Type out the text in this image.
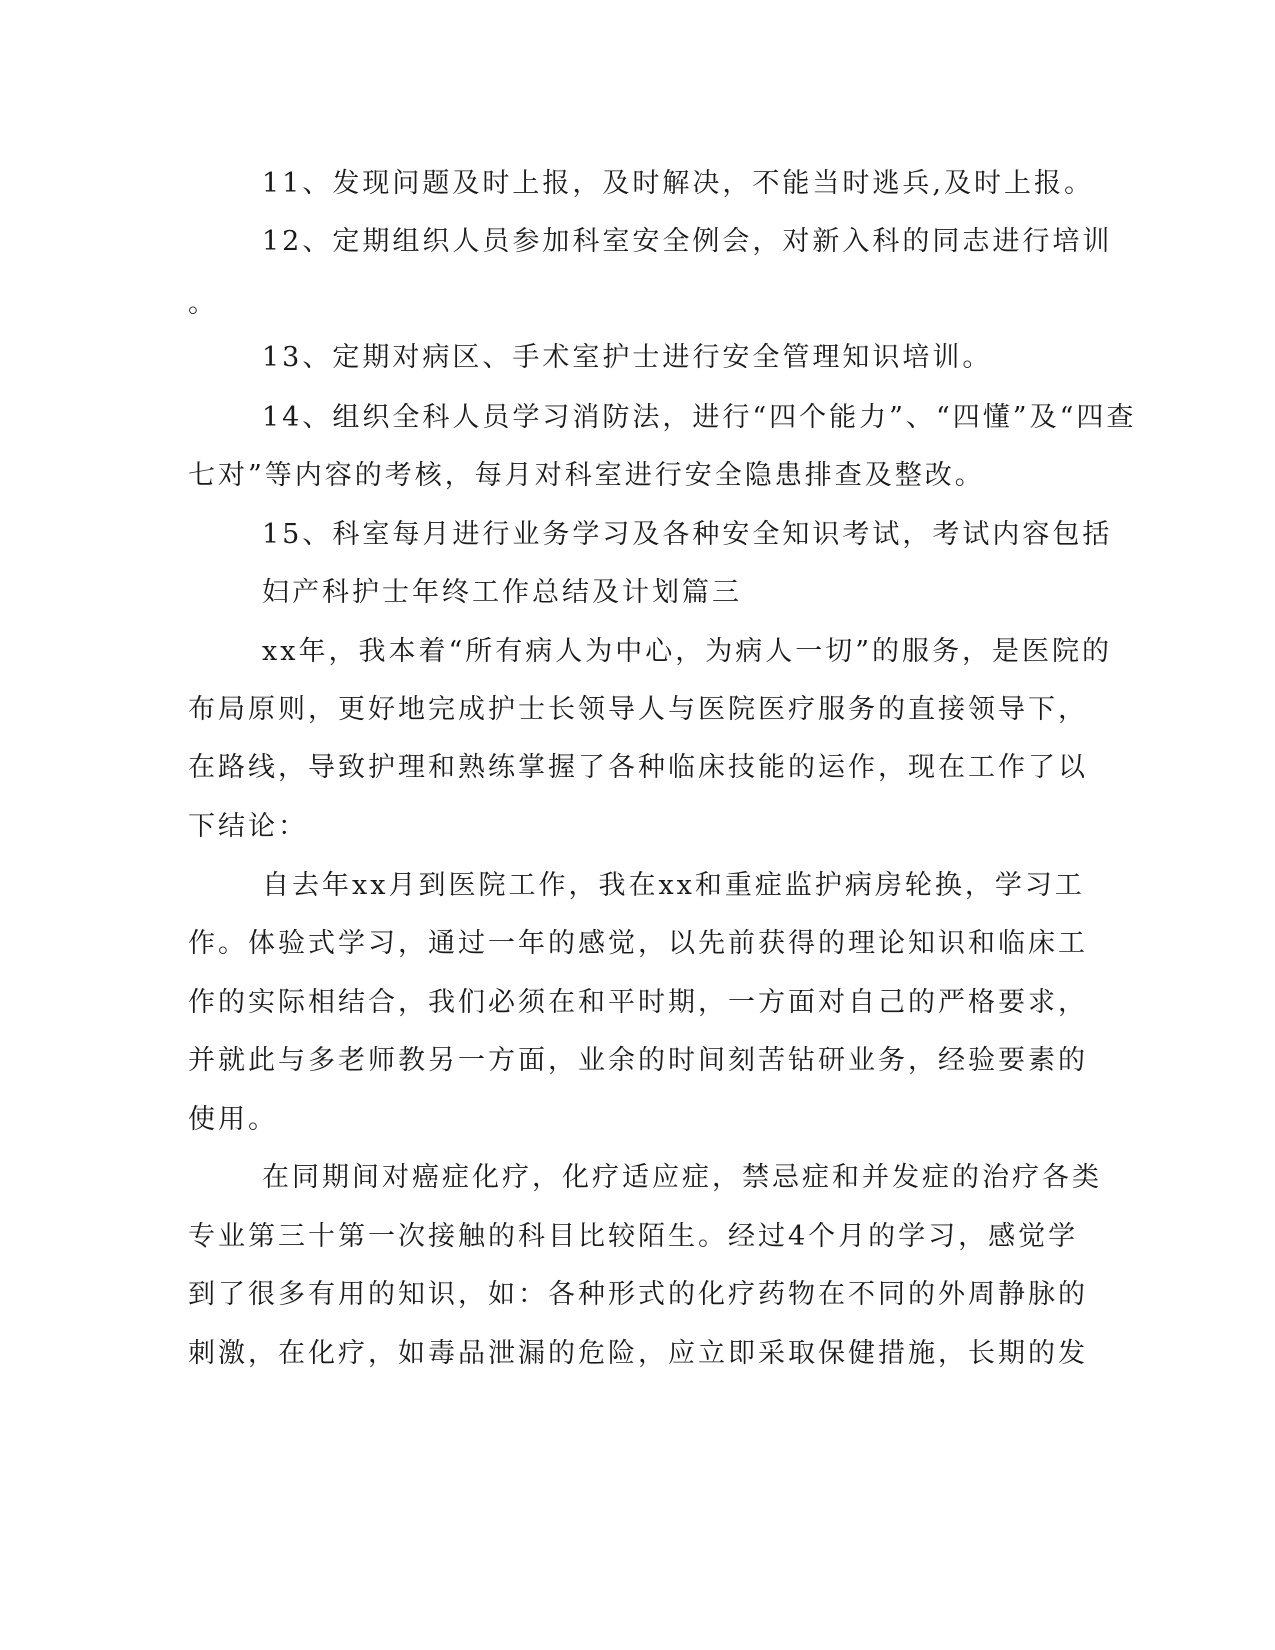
11、发现问题及时上报，及时解决，不能当时逃兵,及时上报。
12、定期组织人员参加科室安全例会，对新入科的同志进行培训
。
13、定期对病区、手术室护士进行安全管理知识培训。
14、组织全科人员学习消防法，进行“四个能力”、“四懂”及“四查
七对”等内容的考核，每月对科室进行安全隐患排查及整改。
15、科室每月进行业务学习及各种安全知识考试，考试内容包括
妇产科护士年终工作总结及计划篇三
xx年，我本着“所有病人为中心，为病人一切”的服务，是医院的
布局原则，更好地完成护士长领导人与医院医疗服务的直接领导下，
在路线，导致护理和熟练掌握了各种临床技能的运作，现在工作了以
下结论：
自去年xx月到医院工作，我在xx和重症监护病房轮换，学习工
作。体验式学习，通过一年的感觉，以先前获得的理论知识和临床工
作的实际相结合，我们必须在和平时期，一方面对自己的严格要求，
并就此与多老师教另一方面，业余的时间刻苦钻研业务，经验要素的
使用。
在同期间对癌症化疗，化疗适应症，禁忌症和并发症的治疗各类
专业第三十第一次接触的科目比较陌生。经过4个月的学习，感觉学
到了很多有用的知识，如：各种形式的化疗药物在不同的外周静脉的
刺激，在化疗，如毒品泄漏的危险，应立即采取保健措施，长期的发
